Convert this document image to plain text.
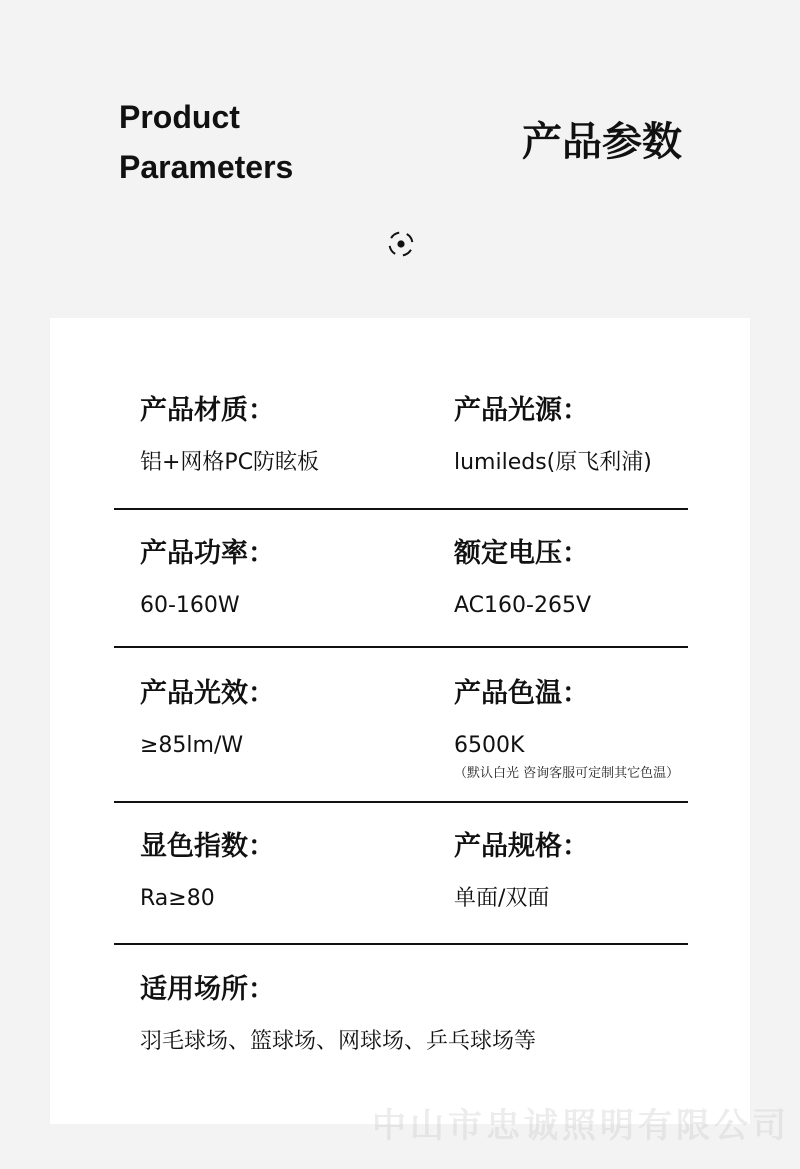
Product
Parameters
产品参数
产品材质：
铝+网格PC防眩板
产品光源：
lumileds(原飞利浦)
产品功率：
60-160W
额定电压：
AC160-265V
产品光效：
≥85lm/W
产品色温：
6500K
（默认白光 咨询客服可定制其它色温）
显色指数：
Ra≥80
产品规格：
单面/双面
适用场所：
羽毛球场、篮球场、网球场、乒乓球场等
中山市忠诚照明有限公司
